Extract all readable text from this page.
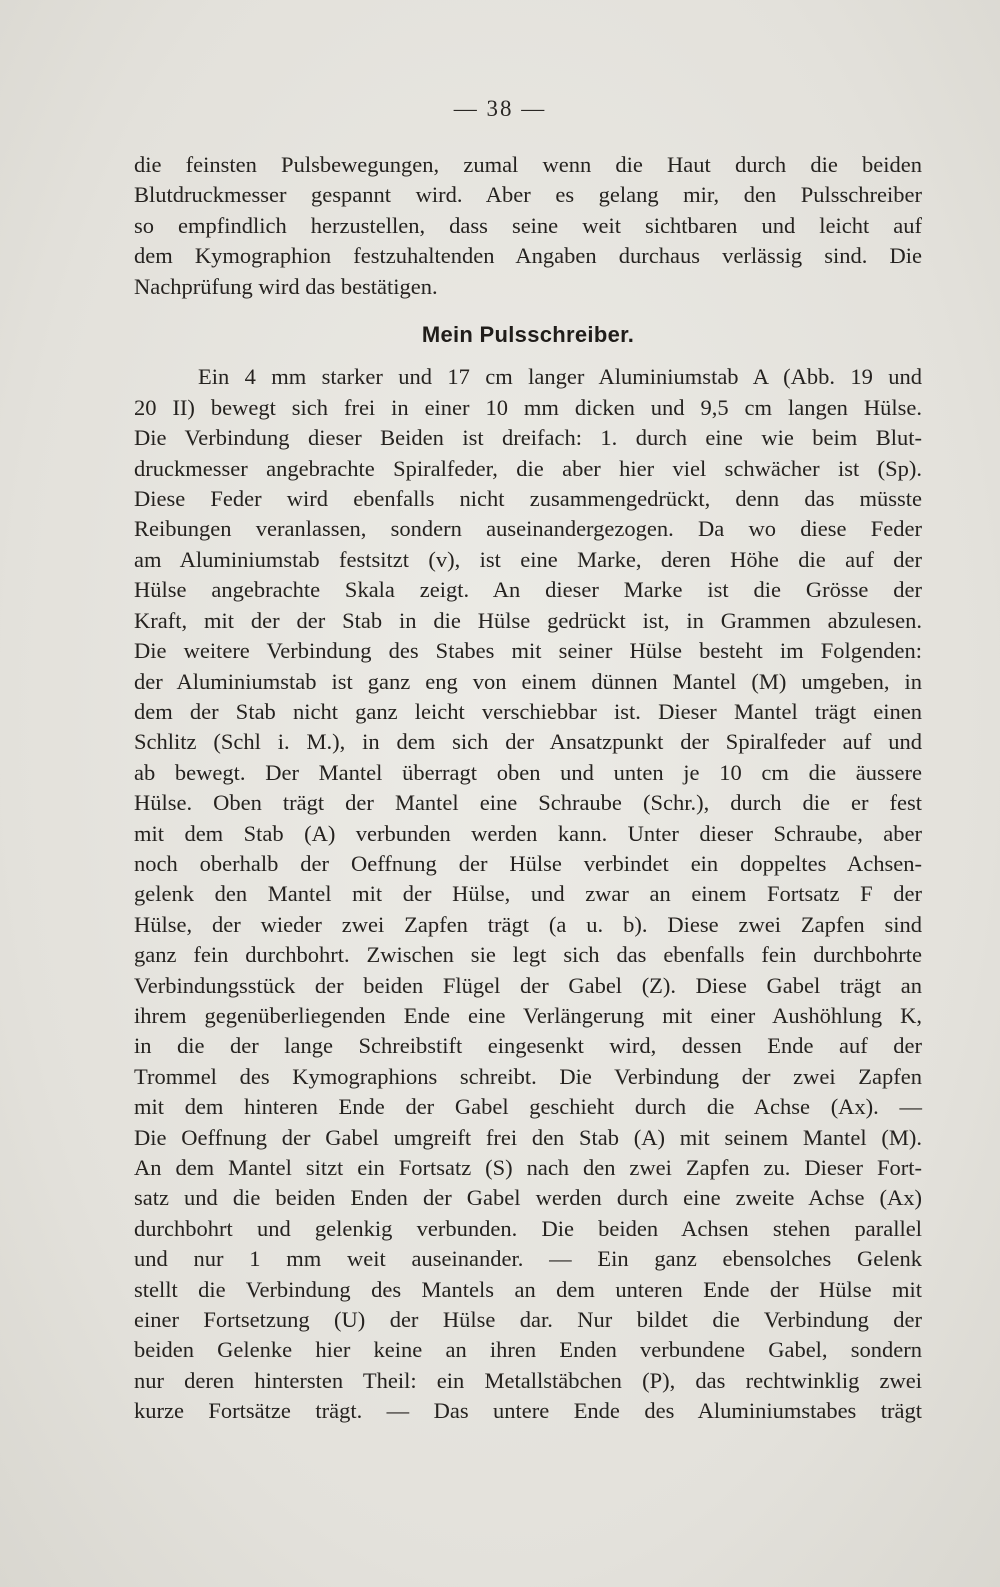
— 38 —
die feinsten Pulsbewegungen, zumal wenn die Haut durch die beiden
Blutdruckmesser gespannt wird. Aber es gelang mir, den Pulsschreiber
so empfindlich herzustellen, dass seine weit sichtbaren und leicht auf
dem Kymographion festzuhaltenden Angaben durchaus verlässig sind. Die
Nachprüfung wird das bestätigen.
Mein Pulsschreiber.
Ein 4 mm starker und 17 cm langer Aluminiumstab A (Abb. 19 und
20 II) bewegt sich frei in einer 10 mm dicken und 9,5 cm langen Hülse.
Die Verbindung dieser Beiden ist dreifach: 1. durch eine wie beim Blut-
druckmesser angebrachte Spiralfeder, die aber hier viel schwächer ist (Sp).
Diese Feder wird ebenfalls nicht zusammengedrückt, denn das müsste
Reibungen veranlassen, sondern auseinandergezogen. Da wo diese Feder
am Aluminiumstab festsitzt (v), ist eine Marke, deren Höhe die auf der
Hülse angebrachte Skala zeigt. An dieser Marke ist die Grösse der
Kraft, mit der der Stab in die Hülse gedrückt ist, in Grammen abzulesen.
Die weitere Verbindung des Stabes mit seiner Hülse besteht im Folgenden:
der Aluminiumstab ist ganz eng von einem dünnen Mantel (M) umgeben, in
dem der Stab nicht ganz leicht verschiebbar ist. Dieser Mantel trägt einen
Schlitz (Schl i. M.), in dem sich der Ansatzpunkt der Spiralfeder auf und
ab bewegt. Der Mantel überragt oben und unten je 10 cm die äussere
Hülse. Oben trägt der Mantel eine Schraube (Schr.), durch die er fest
mit dem Stab (A) verbunden werden kann. Unter dieser Schraube, aber
noch oberhalb der Oeffnung der Hülse verbindet ein doppeltes Achsen-
gelenk den Mantel mit der Hülse, und zwar an einem Fortsatz F der
Hülse, der wieder zwei Zapfen trägt (a u. b). Diese zwei Zapfen sind
ganz fein durchbohrt. Zwischen sie legt sich das ebenfalls fein durchbohrte
Verbindungsstück der beiden Flügel der Gabel (Z). Diese Gabel trägt an
ihrem gegenüberliegenden Ende eine Verlängerung mit einer Aushöhlung K,
in die der lange Schreibstift eingesenkt wird, dessen Ende auf der
Trommel des Kymographions schreibt. Die Verbindung der zwei Zapfen
mit dem hinteren Ende der Gabel geschieht durch die Achse (Ax). —
Die Oeffnung der Gabel umgreift frei den Stab (A) mit seinem Mantel (M).
An dem Mantel sitzt ein Fortsatz (S) nach den zwei Zapfen zu. Dieser Fort-
satz und die beiden Enden der Gabel werden durch eine zweite Achse (Ax)
durchbohrt und gelenkig verbunden. Die beiden Achsen stehen parallel
und nur 1 mm weit auseinander. — Ein ganz ebensolches Gelenk
stellt die Verbindung des Mantels an dem unteren Ende der Hülse mit
einer Fortsetzung (U) der Hülse dar. Nur bildet die Verbindung der
beiden Gelenke hier keine an ihren Enden verbundene Gabel, sondern
nur deren hintersten Theil: ein Metallstäbchen (P), das rechtwinklig zwei
kurze Fortsätze trägt. — Das untere Ende des Aluminiumstabes trägt
